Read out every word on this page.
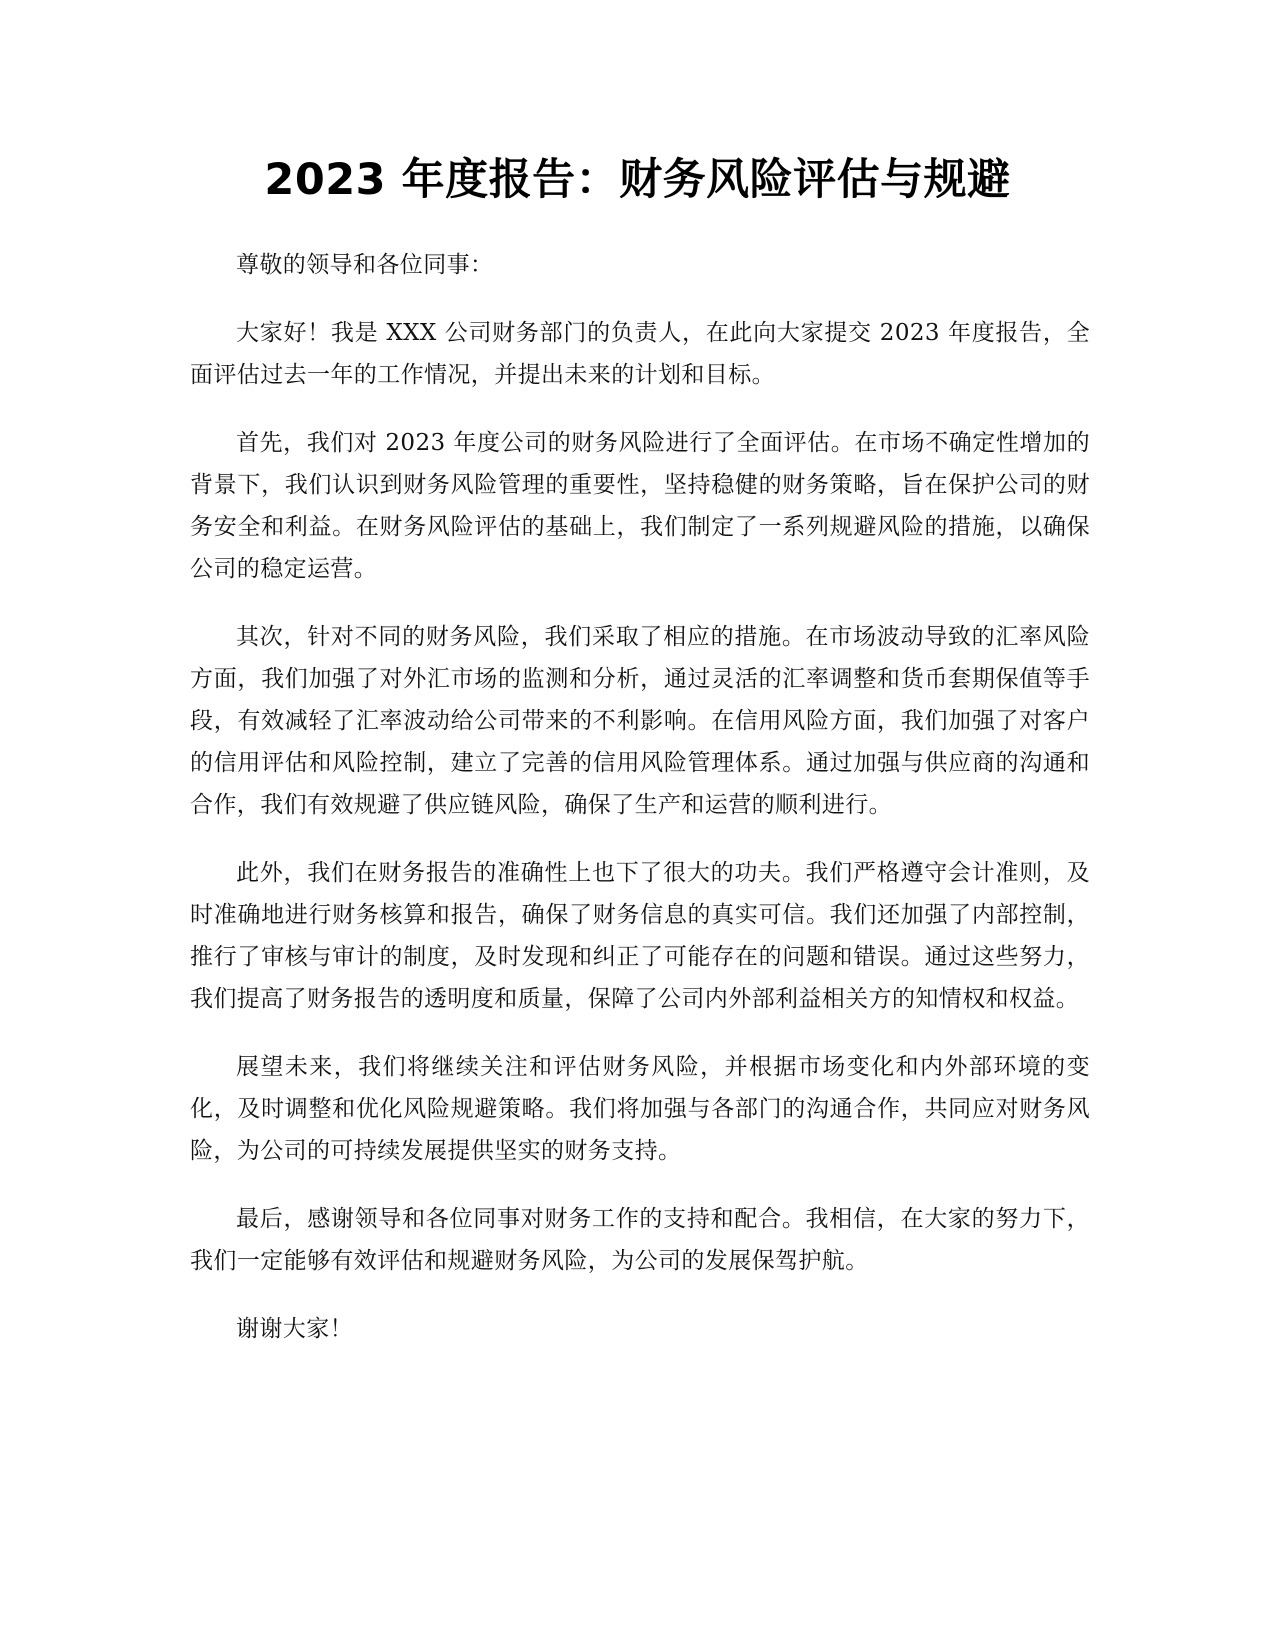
2023 年度报告：财务风险评估与规避

尊敬的领导和各位同事：

大家好！我是 XXX 公司财务部门的负责人，在此向大家提交 2023 年度报告，全面评估过去一年的工作情况，并提出未来的计划和目标。

首先，我们对 2023 年度公司的财务风险进行了全面评估。在市场不确定性增加的背景下，我们认识到财务风险管理的重要性，坚持稳健的财务策略，旨在保护公司的财务安全和利益。在财务风险评估的基础上，我们制定了一系列规避风险的措施，以确保公司的稳定运营。

其次，针对不同的财务风险，我们采取了相应的措施。在市场波动导致的汇率风险方面，我们加强了对外汇市场的监测和分析，通过灵活的汇率调整和货币套期保值等手段，有效减轻了汇率波动给公司带来的不利影响。在信用风险方面，我们加强了对客户的信用评估和风险控制，建立了完善的信用风险管理体系。通过加强与供应商的沟通和合作，我们有效规避了供应链风险，确保了生产和运营的顺利进行。

此外，我们在财务报告的准确性上也下了很大的功夫。我们严格遵守会计准则，及时准确地进行财务核算和报告，确保了财务信息的真实可信。我们还加强了内部控制，推行了审核与审计的制度，及时发现和纠正了可能存在的问题和错误。通过这些努力，我们提高了财务报告的透明度和质量，保障了公司内外部利益相关方的知情权和权益。

展望未来，我们将继续关注和评估财务风险，并根据市场变化和内外部环境的变化，及时调整和优化风险规避策略。我们将加强与各部门的沟通合作，共同应对财务风险，为公司的可持续发展提供坚实的财务支持。

最后，感谢领导和各位同事对财务工作的支持和配合。我相信，在大家的努力下，我们一定能够有效评估和规避财务风险，为公司的发展保驾护航。

谢谢大家！
